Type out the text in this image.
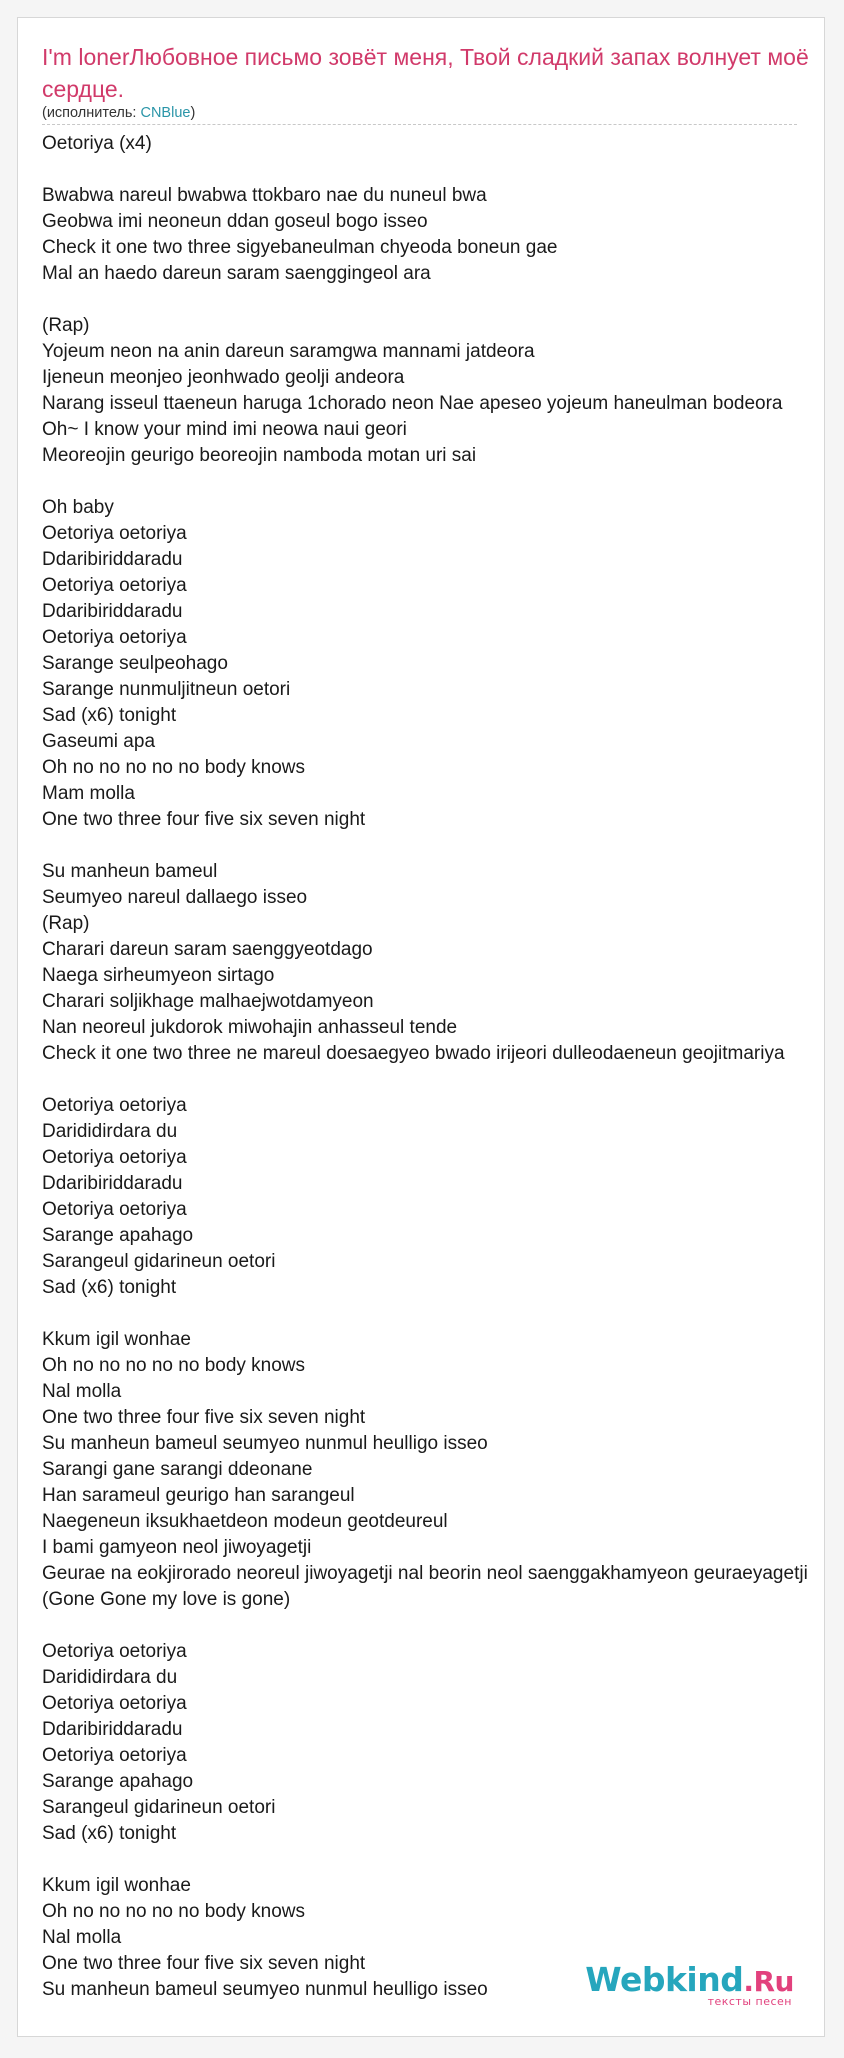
I'm lonerЛюбовное письмо зовёт меня, Твой сладкий запах волнует моё сердце.
(исполнитель: CNBlue)
Oetoriya (x4)
Bwabwa nareul bwabwa ttokbaro nae du nuneul bwa
Geobwa imi neoneun ddan goseul bogo isseo
Check it one two three sigyebaneulman chyeoda boneun gae
Mal an haedo dareun saram saenggingeol ara
(Rap)
Yojeum neon na anin dareun saramgwa mannami jatdeora
Ijeneun meonjeo jeonhwado geolji andeora
Narang isseul ttaeneun haruga 1chorado neon Nae apeseo yojeum haneulman bodeora
Oh~ I know your mind imi neowa naui geori
Meoreojin geurigo beoreojin namboda motan uri sai
Oh baby
Oetoriya oetoriya
Ddaribiriddaradu
Oetoriya oetoriya
Ddaribiriddaradu
Oetoriya oetoriya
Sarange seulpeohago
Sarange nunmuljitneun oetori
Sad (x6) tonight
Gaseumi apa
Oh no no no no no body knows
Mam molla
One two three four five six seven night
Su manheun bameul
Seumyeo nareul dallaego isseo
(Rap)
Charari dareun saram saenggyeotdago
Naega sirheumyeon sirtago
Charari soljikhage malhaejwotdamyeon
Nan neoreul jukdorok miwohajin anhasseul tende
Check it one two three ne mareul doesaegyeo bwado irijeori dulleodaeneun geojitmariya
Oetoriya oetoriya
Darididirdara du
Oetoriya oetoriya
Ddaribiriddaradu
Oetoriya oetoriya
Sarange apahago
Sarangeul gidarineun oetori
Sad (x6) tonight
Kkum igil wonhae
Oh no no no no no body knows
Nal molla
One two three four five six seven night
Su manheun bameul seumyeo nunmul heulligo isseo
Sarangi gane sarangi ddeonane
Han sarameul geurigo han sarangeul
Naegeneun iksukhaetdeon modeun geotdeureul
I bami gamyeon neol jiwoyagetji
Geurae na eokjirorado neoreul jiwoyagetji nal beorin neol saenggakhamyeon geuraeyagetji
(Gone Gone my love is gone)
Oetoriya oetoriya
Darididirdara du
Oetoriya oetoriya
Ddaribiriddaradu
Oetoriya oetoriya
Sarange apahago
Sarangeul gidarineun oetori
Sad (x6) tonight
Kkum igil wonhae
Oh no no no no no body knows
Nal molla
One two three four five six seven night
Su manheun bameul seumyeo nunmul heulligo isseo	Webkind.Ru
тексты песен
